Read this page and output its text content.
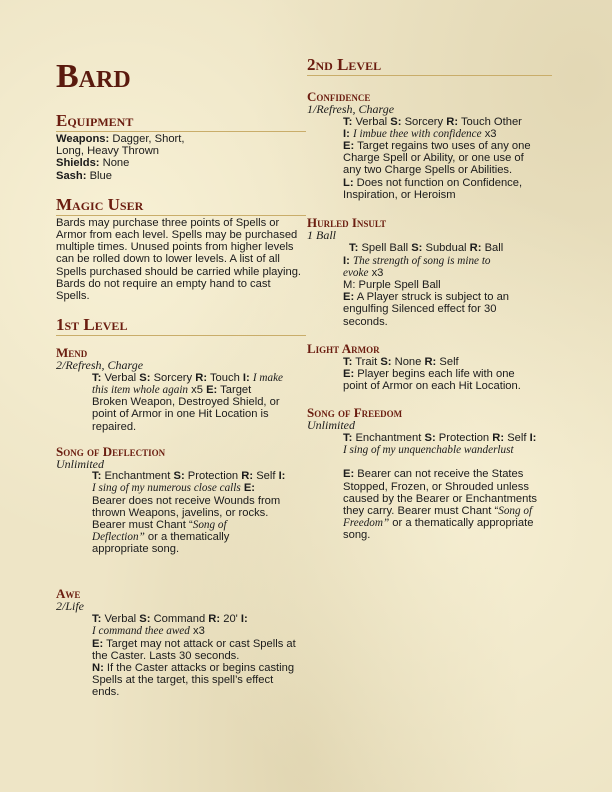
Bard
Equipment

Weapons: Dagger, Short,

Long, Heavy Thrown

Shields: None

Sash: Blue

Magic User

Bards may purchase three points of Spells or

Armor from each level. Spells may be purchased

multiple times. Unused points from higher levels

can be rolled down to lower levels. A list of all

Spells purchased should be carried while playing.

Bards do not require an empty hand to cast

Spells.

1st Level
Mend
2/Refresh, Charge

T: Verbal S: Sorcery R: Touch I: I make

this item whole again x5 E: Target

Broken Weapon, Destroyed Shield, or

point of Armor in one Hit Location is

repaired.

Song of Deflection
Unlimited

T: Enchantment S: Protection R: Self I:

I sing of my numerous close calls E:

Bearer does not receive Wounds from

thrown Weapons, javelins, or rocks.

Bearer must Chant “Song of

Deflection” or a thematically

appropriate song.

Awe
2/Life

T: Verbal S: Command R: 20' I:

I command thee awed x3

E: Target may not attack or cast Spells at

the Caster. Lasts 30 seconds.

N: If the Caster attacks or begins casting

Spells at the target, this spell’s effect

ends.

2nd Level
Confidence
1/Refresh, Charge

T: Verbal S: Sorcery R: Touch Other

I: I imbue thee with confidence x3

E: Target regains two uses of any one

Charge Spell or Ability, or one use of

any two Charge Spells or Abilities.

L: Does not function on Confidence,

Inspiration, or Heroism

Hurled Insult
1 Ball

T: Spell Ball S: Subdual R: Ball

I: The strength of song is mine to

evoke x3

M: Purple Spell Ball

E: A Player struck is subject to an

engulfing Silenced effect for 30

seconds.

Light Armor

T: Trait S: None R: Self

E: Player begins each life with one

point of Armor on each Hit Location.

Song of Freedom
Unlimited

T: Enchantment S: Protection R: Self I:

I sing of my unquenchable wanderlust

E: Bearer can not receive the States

Stopped, Frozen, or Shrouded unless

caused by the Bearer or Enchantments

they carry. Bearer must Chant “Song of

Freedom” or a thematically appropriate

song.
